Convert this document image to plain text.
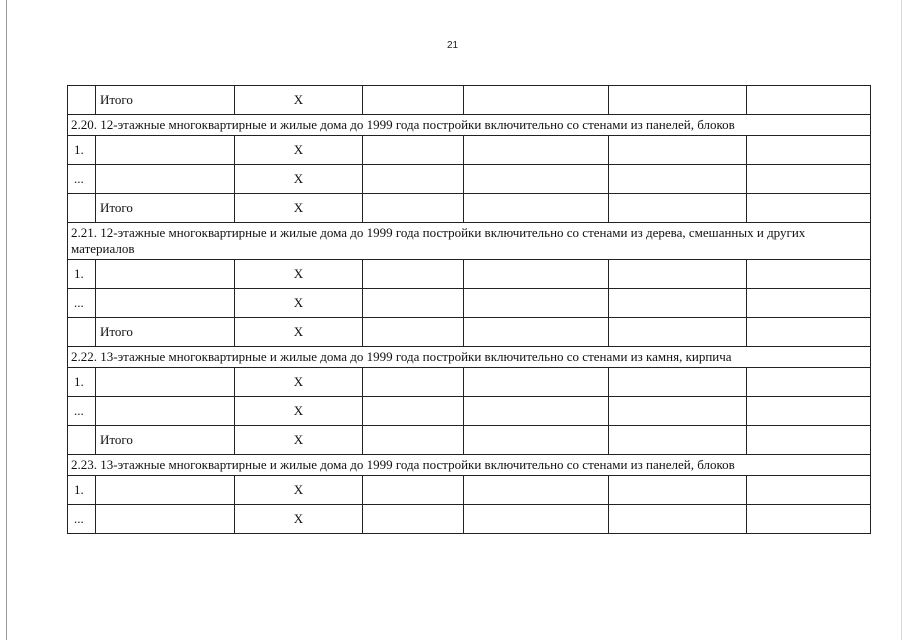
21
	Итого	X				
2.20. 12-этажные многоквартирные и жилые дома до 1999 года постройки включительно со стенами из панелей, блоков						
1.		X				
...		X				
	Итого	X				
2.21. 12-этажные многоквартирные и жилые дома до 1999 года постройки включительно со стенами из дерева, смешанных и других материалов						
1.		X				
...		X				
	Итого	X				
2.22. 13-этажные многоквартирные и жилые дома до 1999 года постройки включительно со стенами из камня, кирпича						
1.		X				
...		X				
	Итого	X				
2.23. 13-этажные многоквартирные и жилые дома до 1999 года постройки включительно со стенами из панелей, блоков						
1.		X				
...		X				
